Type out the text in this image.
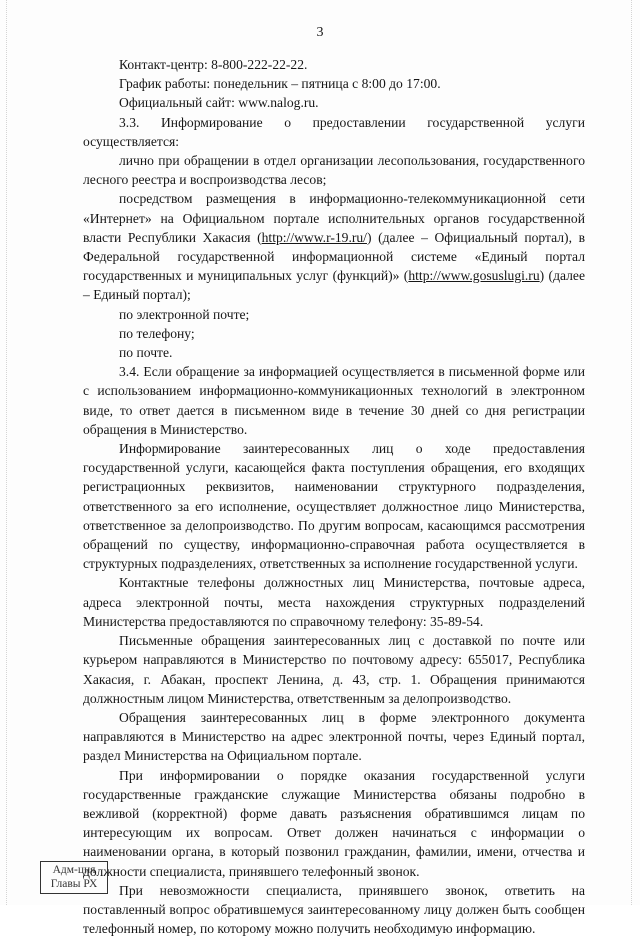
3

Контакт-центр: 8-800-222-22-22.

График работы: понедельник – пятница с 8:00 до 17:00.

Официальный сайт: www.nalog.ru.

3.3. Информирование о предоставлении государственной услуги осуществляется:

лично при обращении в отдел организации лесопользования, государственного лесного реестра и воспроизводства лесов;

посредством размещения в информационно-телекоммуникационной сети «Интернет» на Официальном портале исполнительных органов государственной власти Республики Хакасия (http://www.r-19.ru/) (далее – Официальный портал), в Федеральной государственной информационной системе «Единый портал государственных и муниципальных услуг (функций)» (http://www.gosuslugi.ru) (далее – Единый портал);

по электронной почте;

по телефону;

по почте.

3.4. Если обращение за информацией осуществляется в письменной форме или с использованием информационно-коммуникационных технологий в электронном виде, то ответ дается в письменном виде в течение 30 дней со дня регистрации обращения в Министерство.

Информирование заинтересованных лиц о ходе предоставления государственной услуги, касающейся факта поступления обращения, его входящих регистрационных реквизитов, наименовании структурного подразделения, ответственного за его исполнение, осуществляет должностное лицо Министерства, ответственное за делопроизводство. По другим вопросам, касающимся рассмотрения обращений по существу, информационно-справочная работа осуществляется в структурных подразделениях, ответственных за исполнение государственной услуги.

Контактные телефоны должностных лиц Министерства, почтовые адреса, адреса электронной почты, места нахождения структурных подразделений Министерства предоставляются по справочному телефону: 35-89-54.

Письменные обращения заинтересованных лиц с доставкой по почте или курьером направляются в Министерство по почтовому адресу: 655017, Республика Хакасия, г. Абакан, проспект Ленина, д. 43, стр. 1. Обращения принимаются должностным лицом Министерства, ответственным за делопроизводство.

Обращения заинтересованных лиц в форме электронного документа направляются в Министерство на адрес электронной почты, через Единый портал, раздел Министерства на Официальном портале.

При информировании о порядке оказания государственной услуги государственные гражданские служащие Министерства обязаны подробно в вежливой (корректной) форме давать разъяснения обратившимся лицам по интересующим их вопросам. Ответ должен начинаться с информации о наименовании органа, в который позвонил гражданин, фамилии, имени, отчества и должности специалиста, принявшего телефонный звонок.

При невозможности специалиста, принявшего звонок, ответить на поставленный вопрос обратившемуся заинтересованному лицу должен быть сообщен телефонный номер, по которому можно получить необходимую информацию.

Адм-ция
Главы РХ
